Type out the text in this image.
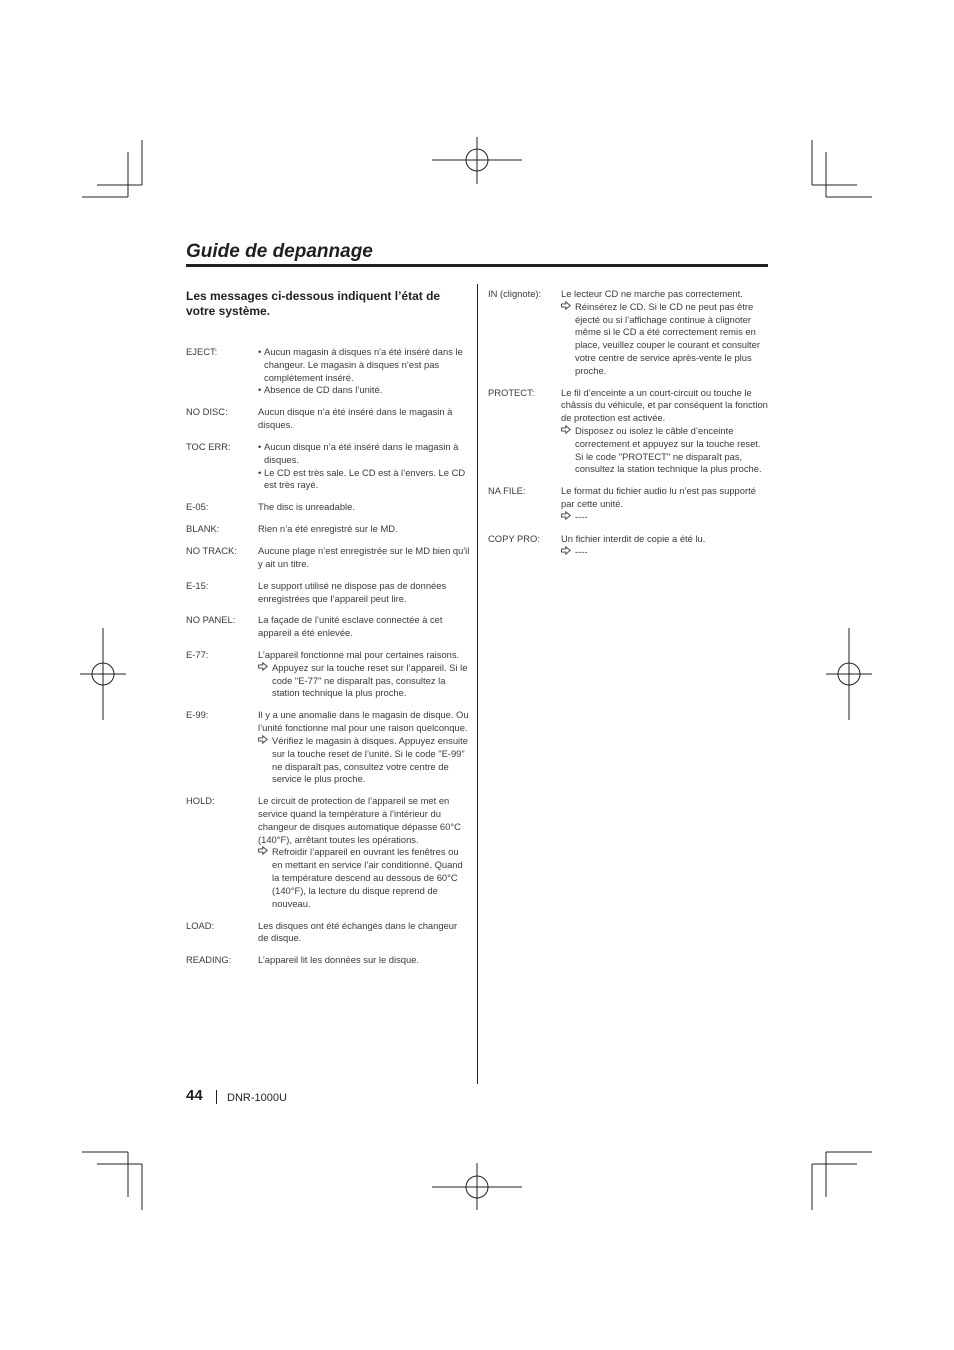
Guide de depannage
Les messages ci-dessous indiquent l’état de votre système.
EJECT:	• Aucun magasin à disques n'a été inséré dans le changeur. Le magasin à disques n’est pas complètement inséré.
• Absence de CD dans l’unité.
NO DISC:	Aucun disque n’a été inséré dans le magasin à disques.

TOC ERR:	• Aucun disque n’a été inséré dans le magasin à disques.
• Le CD est très sale. Le CD est à l’envers. Le CD est très rayé.
E-05:	The disc is unreadable.

BLANK:	Rien n’a été enregistré sur le MD.

NO TRACK:	Aucune plage n’est enregistrée sur le MD bien qu'il y ait un titre.

E-15:	Le support utilisé ne dispose pas de données enregistrées que l’appareil peut lire.

NO PANEL:	La façade de l’unité esclave connectée à cet appareil a été enlevée.

E-77:	L’appareil fonctionne mal pour certaines raisons.

Appuyez sur la touche reset sur l’appareil. Si le code "E-77" ne disparaît pas, consultez la station technique la plus proche.
E-99:	Il y a une anomalie dans le magasin de disque. Ou l’unité fonctionne mal pour une raison quelconque.

Vérifiez le magasin à disques. Appuyez ensuite sur la touche reset de l’unité. Si le code "E-99" ne disparaît pas, consultez votre centre de service le plus proche.
HOLD:	Le circuit de protection de l’appareil se met en service quand la température à l’intérieur du changeur de disques automatique dépasse 60°C (140°F), arrêtant toutes les opérations.

Refroidir l’appareil en ouvrant les fenêtres ou en mettant en service l’air conditionné. Quand la température descend au dessous de 60°C (140°F), la lecture du disque reprend de nouveau.
LOAD:	Les disques ont été échangés dans le changeur de disque.

READING:	L’appareil lit les données sur le disque.

IN (clignote):	Le lecteur CD ne marche pas correctement.

Réinsérez le CD. Si le CD ne peut pas être éjecté ou si l’affichage continue à clignoter même si le CD a été correctement remis en place, veuillez couper le courant et consulter votre centre de service après-vente le plus proche.
PROTECT:	Le fil d’enceinte a un court-circuit ou touche le châssis du véhicule, et par conséquent la fonction de protection est activée.

Disposez ou isolez le câble d’enceinte correctement et appuyez sur la touche reset. Si le code "PROTECT" ne disparaît pas, consultez la station technique la plus proche.
NA FILE:	Le format du fichier audio lu n’est pas supporté par cette unité.

----
COPY PRO:	Un fichier interdit de copie a été lu.

----

44 DNR-1000U
